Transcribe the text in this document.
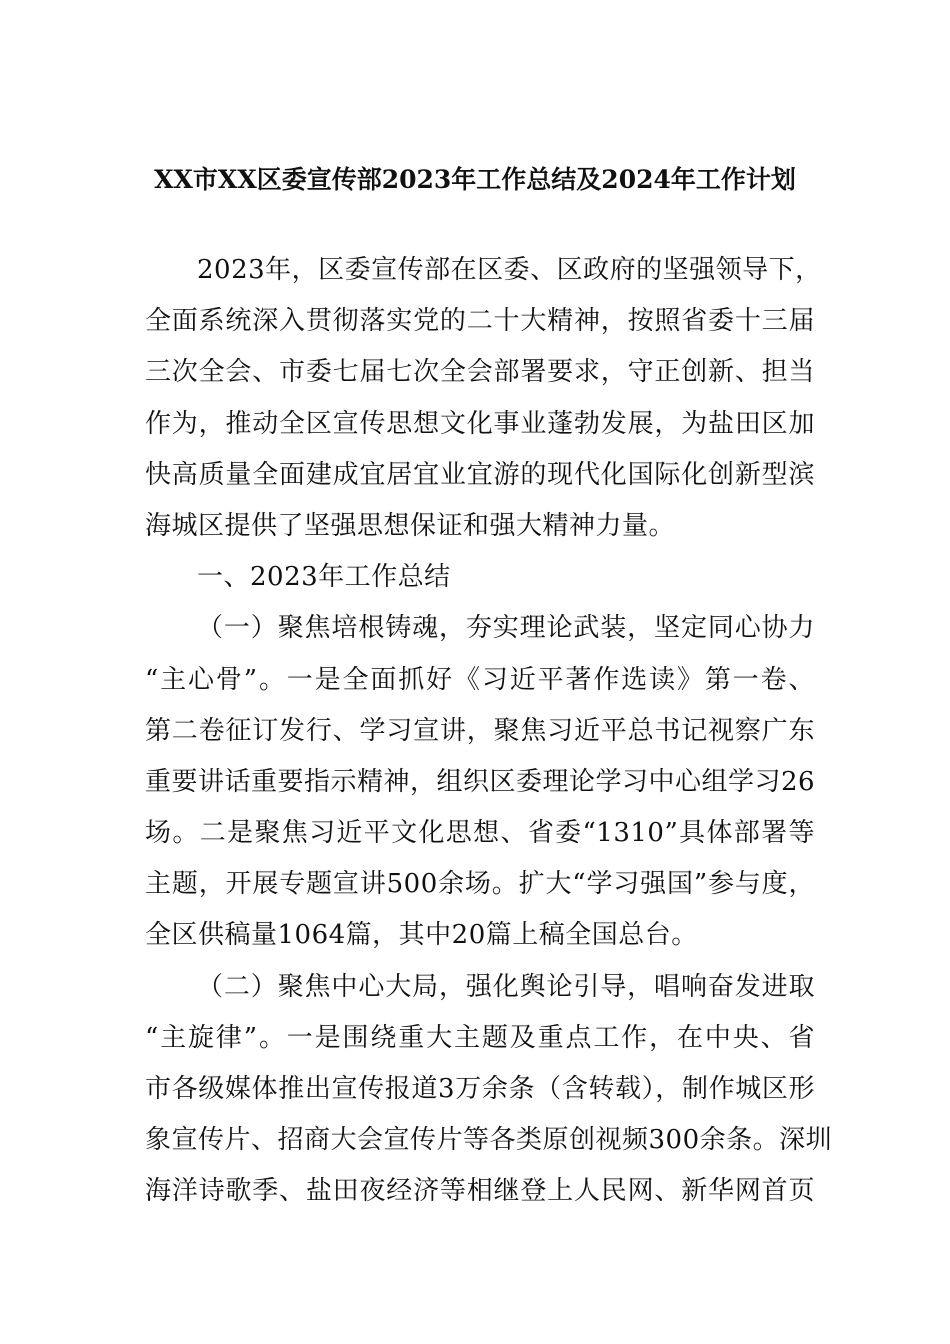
XX市XX区委宣传部2023年工作总结及2024年工作计划
2023年，区委宣传部在区委、区政府的坚强领导下，
全面系统深入贯彻落实党的二十大精神，按照省委十三届
三次全会、市委七届七次全会部署要求，守正创新、担当
作为，推动全区宣传思想文化事业蓬勃发展，为盐田区加
快高质量全面建成宜居宜业宜游的现代化国际化创新型滨
海城区提供了坚强思想保证和强大精神力量。
一、2023年工作总结
（一）聚焦培根铸魂，夯实理论武装，坚定同心协力
“主心骨”。一是全面抓好《习近平著作选读》第一卷、
第二卷征订发行、学习宣讲，聚焦习近平总书记视察广东
重要讲话重要指示精神，组织区委理论学习中心组学习26
场。二是聚焦习近平文化思想、省委“1310”具体部署等
主题，开展专题宣讲500余场。扩大“学习强国”参与度，
全区供稿量1064篇，其中20篇上稿全国总台。
（二）聚焦中心大局，强化舆论引导，唱响奋发进取
“主旋律”。一是围绕重大主题及重点工作，在中央、省
市各级媒体推出宣传报道3万余条（含转载），制作城区形
象宣传片、招商大会宣传片等各类原创视频300余条。深圳
海洋诗歌季、盐田夜经济等相继登上人民网、新华网首页
